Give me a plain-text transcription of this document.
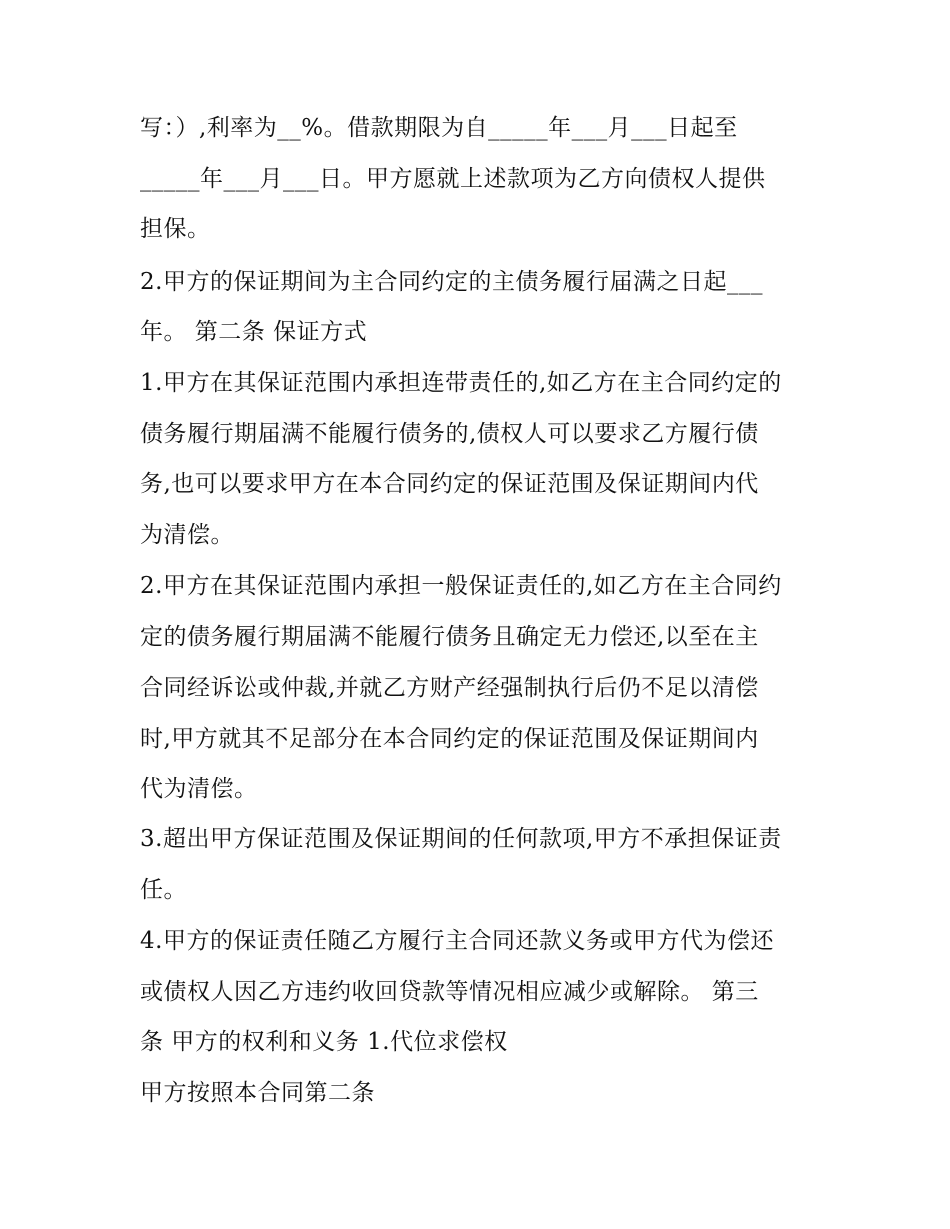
写：）,利率为__%。借款期限为自_____年___月___日起至

_____年___月___日。甲方愿就上述款项为乙方向债权人提供

担保。

2.甲方的保证期间为主合同约定的主债务履行届满之日起___

年。 第二条 保证方式

1.甲方在其保证范围内承担连带责任的,如乙方在主合同约定的

债务履行期届满不能履行债务的,债权人可以要求乙方履行债

务,也可以要求甲方在本合同约定的保证范围及保证期间内代

为清偿。

2.甲方在其保证范围内承担一般保证责任的,如乙方在主合同约

定的债务履行期届满不能履行债务且确定无力偿还,以至在主

合同经诉讼或仲裁,并就乙方财产经强制执行后仍不足以清偿

时,甲方就其不足部分在本合同约定的保证范围及保证期间内

代为清偿。

3.超出甲方保证范围及保证期间的任何款项,甲方不承担保证责

任。

4.甲方的保证责任随乙方履行主合同还款义务或甲方代为偿还

或债权人因乙方违约收回贷款等情况相应减少或解除。 第三

条 甲方的权利和义务 1.代位求偿权

甲方按照本合同第二条
